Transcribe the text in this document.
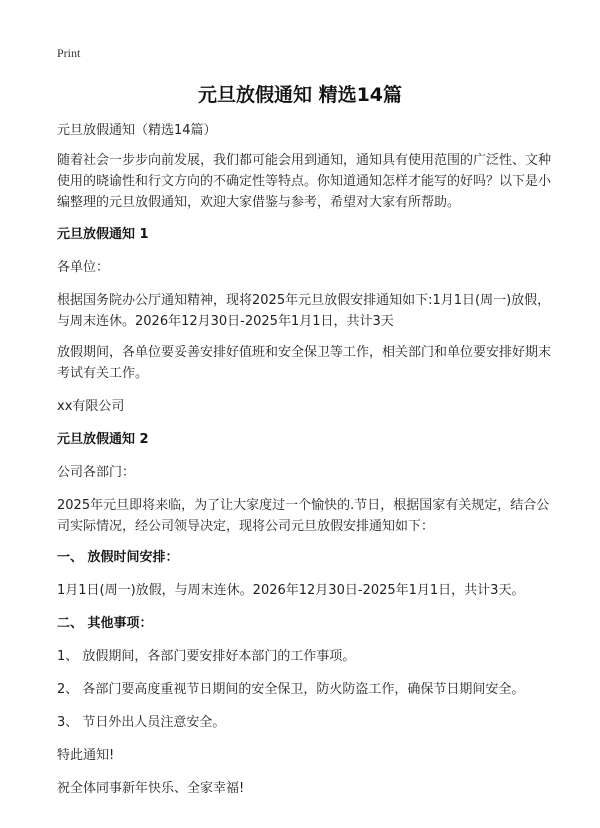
Print
元旦放假通知 精选14篇

元旦放假通知（精选14篇）

随着社会一步步向前发展，我们都可能会用到通知，通知具有使用范围的广泛性、文种使用的晓谕性和行文方向的不确定性等特点。你知道通知怎样才能写的好吗？以下是小编整理的元旦放假通知，欢迎大家借鉴与参考，希望对大家有所帮助。

元旦放假通知 1

各单位：

根据国务院办公厅通知精神，现将2025年元旦放假安排通知如下:1月1日(周一)放假，与周末连休。2026年12月30日-2025年1月1日，共计3天

放假期间，各单位要妥善安排好值班和安全保卫等工作，相关部门和单位要安排好期末考试有关工作。

xx有限公司

元旦放假通知 2

公司各部门：

2025年元旦即将来临，为了让大家度过一个愉快的.节日，根据国家有关规定，结合公司实际情况，经公司领导决定，现将公司元旦放假安排通知如下：

一、 放假时间安排：

1月1日(周一)放假，与周末连休。2026年12月30日-2025年1月1日，共计3天。

二、 其他事项：

1、 放假期间，各部门要安排好本部门的工作事项。

2、 各部门要高度重视节日期间的安全保卫，防火防盗工作，确保节日期间安全。

3、 节日外出人员注意安全。

特此通知!

祝全体同事新年快乐、全家幸福!
